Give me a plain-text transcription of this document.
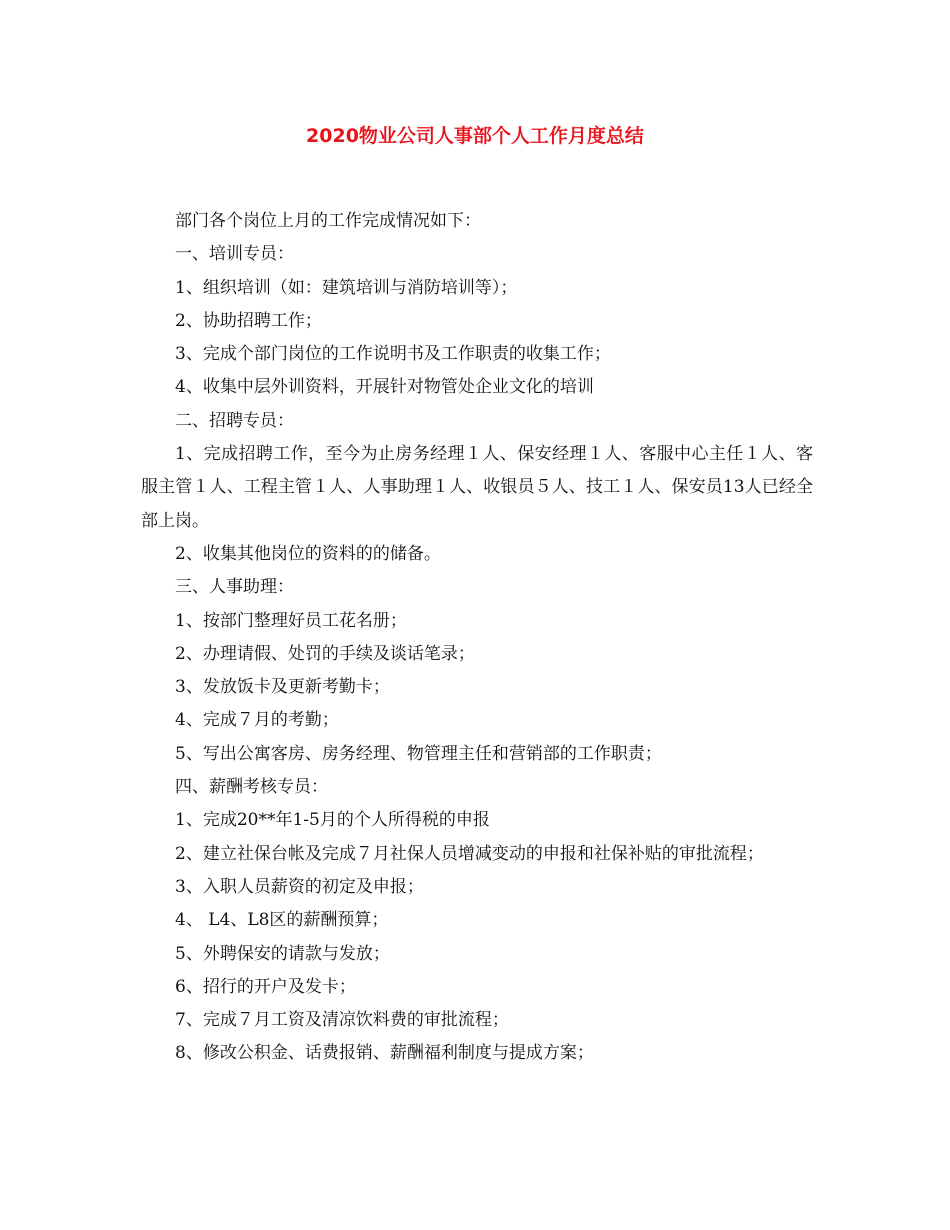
2020物业公司人事部个人工作月度总结

部门各个岗位上月的工作完成情况如下：

一、培训专员：

1、组织培训（如：建筑培训与消防培训等）；

2、协助招聘工作；

3、完成个部门岗位的工作说明书及工作职责的收集工作；

4、收集中层外训资料，开展针对物管处企业文化的培训

二、招聘专员：

1、完成招聘工作，至今为止房务经理１人、保安经理１人、客服中心主任１人、客服主管１人、工程主管１人、人事助理１人、收银员５人、技工１人、保安员13人已经全部上岗。

2、收集其他岗位的资料的的储备。

三、人事助理：

1、按部门整理好员工花名册；

2、办理请假、处罚的手续及谈话笔录；

3、发放饭卡及更新考勤卡；

4、完成７月的考勤；

5、写出公寓客房、房务经理、物管理主任和营销部的工作职责；

四、薪酬考核专员：

1、完成20**年1-5月的个人所得税的申报

2、建立社保台帐及完成７月社保人员增减变动的申报和社保补贴的审批流程；

3、入职人员薪资的初定及申报；

4、 L4、L8区的薪酬预算；

5、外聘保安的请款与发放；

6、招行的开户及发卡；

7、完成７月工资及清凉饮料费的审批流程；

8、修改公积金、话费报销、薪酬福利制度与提成方案；
